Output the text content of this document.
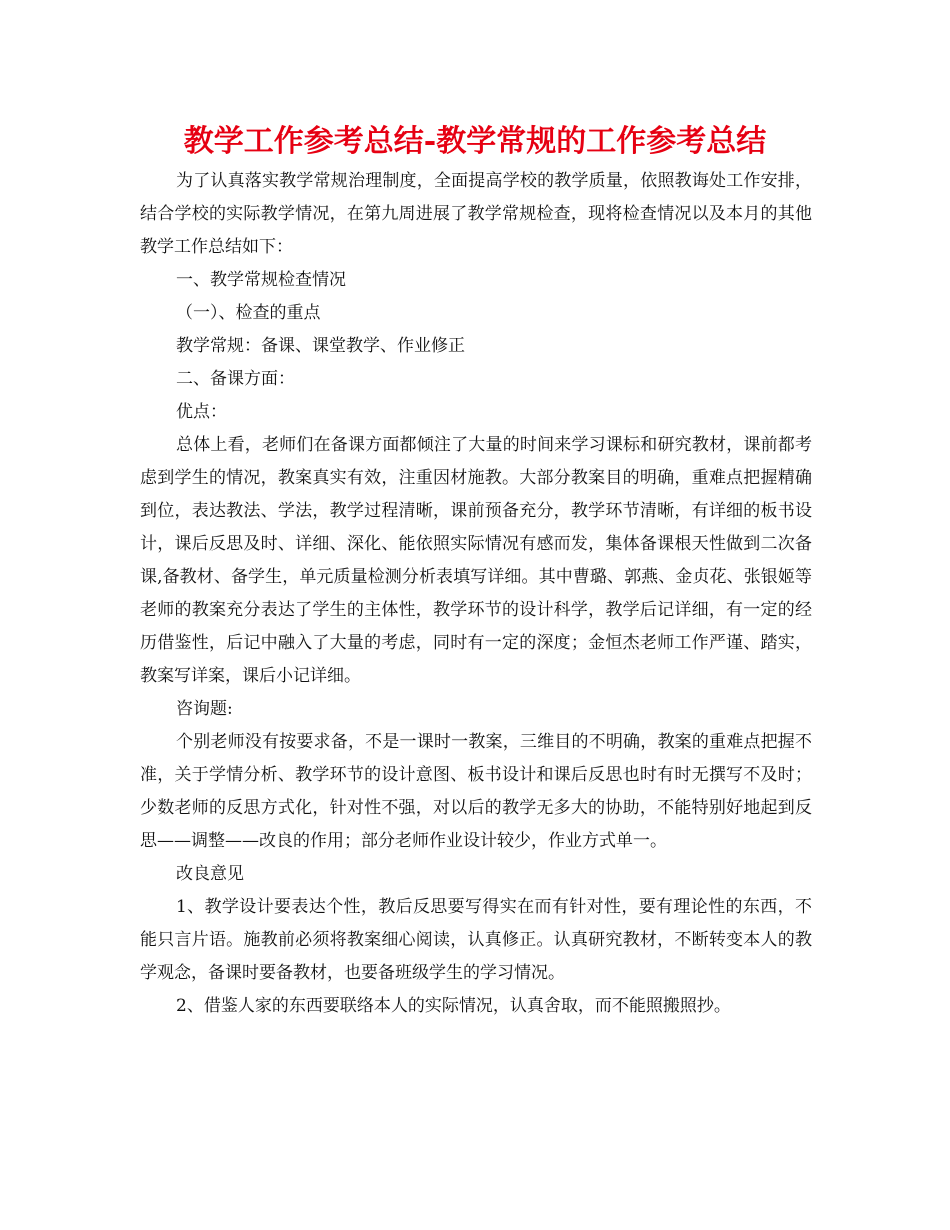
教学工作参考总结-教学常规的工作参考总结

为了认真落实教学常规治理制度，全面提高学校的教学质量，依照教诲处工作安排，结合学校的实际教学情况，在第九周进展了教学常规检查，现将检查情况以及本月的其他教学工作总结如下：

一、教学常规检查情况

（一）、检查的重点

教学常规：备课、课堂教学、作业修正

二、备课方面：

优点：

总体上看，老师们在备课方面都倾注了大量的时间来学习课标和研究教材，课前都考虑到学生的情况，教案真实有效，注重因材施教。大部分教案目的明确，重难点把握精确到位，表达教法、学法，教学过程清晰，课前预备充分，教学环节清晰，有详细的板书设计，课后反思及时、详细、深化、能依照实际情况有感而发，集体备课根天性做到二次备课,备教材、备学生，单元质量检测分析表填写详细。其中曹璐、郭燕、金贞花、张银姬等老师的教案充分表达了学生的主体性，教学环节的设计科学，教学后记详细，有一定的经历借鉴性，后记中融入了大量的考虑，同时有一定的深度；金恒杰老师工作严谨、踏实，教案写详案，课后小记详细。

咨询题:

个别老师没有按要求备，不是一课时一教案，三维目的不明确，教案的重难点把握不准，关于学情分析、教学环节的设计意图、板书设计和课后反思也时有时无撰写不及时；少数老师的反思方式化，针对性不强，对以后的教学无多大的协助，不能特别好地起到反思——调整——改良的作用；部分老师作业设计较少，作业方式单一。

改良意见

1、教学设计要表达个性，教后反思要写得实在而有针对性，要有理论性的东西，不能只言片语。施教前必须将教案细心阅读，认真修正。认真研究教材，不断转变本人的教学观念，备课时要备教材，也要备班级学生的学习情况。

2、借鉴人家的东西要联络本人的实际情况，认真舍取，而不能照搬照抄。
